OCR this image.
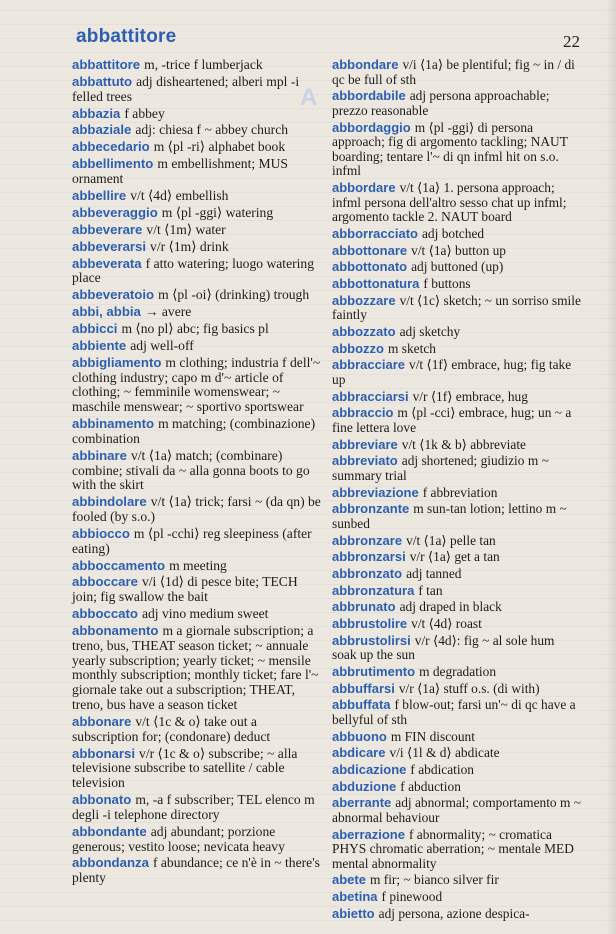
A
abbattitore	22
abbattitore m, -trice f lumberjack
abbattuto adj disheartened; alberi mpl -i felled trees
abbazia f abbey
abbaziale adj: chiesa f ~ abbey church
abbecedario m ⟨pl -ri⟩ alphabet book
abbellimento m embellishment; MUS ornament
abbellire v/t ⟨4d⟩ embellish
abbeveraggio m ⟨pl -ggi⟩ watering
abbeverare v/t ⟨1m⟩ water
abbeverarsi v/r ⟨1m⟩ drink
abbeverata f atto watering; luogo watering place
abbeveratoio m ⟨pl -oi⟩ (drinking) trough
abbi, abbia → avere
abbicci m ⟨no pl⟩ abc; fig basics pl
abbiente adj well-off
abbigliamento m clothing; industria f dell'~ clothing industry; capo m d'~ article of clothing; ~ femminile womenswear; ~ maschile menswear; ~ sportivo sportswear
abbinamento m matching; (combinazione) combination
abbinare v/t ⟨1a⟩ match; (combinare) combine; stivali da ~ alla gonna boots to go with the skirt
abbindolare v/t ⟨1a⟩ trick; farsi ~ (da qn) be fooled (by s.o.)
abbiocco m ⟨pl -cchi⟩ reg sleepiness (after eating)
abboccamento m meeting
abboccare v/i ⟨1d⟩ di pesce bite; TECH join; fig swallow the bait
abboccato adj vino medium sweet
abbonamento m a giornale subscription; a treno, bus, THEAT season ticket; ~ annuale yearly subscription; yearly ticket; ~ mensile monthly subscription; monthly ticket; fare l'~ giornale take out a subscription; THEAT, treno, bus have a season ticket
abbonare v/t ⟨1c & o⟩ take out a subscription for; (condonare) deduct
abbonarsi v/r ⟨1c & o⟩ subscribe; ~ alla televisione subscribe to satellite / cable television
abbonato m, -a f subscriber; TEL elenco m degli -i telephone directory
abbondante adj abundant; porzione generous; vestito loose; nevicata heavy
abbondanza f abundance; ce n'è in ~ there's plenty
abbondare v/i ⟨1a⟩ be plentiful; fig ~ in / di qc be full of sth
abbordabile adj persona approachable; prezzo reasonable
abbordaggio m ⟨pl -ggi⟩ di persona approach; fig di argomento tackling; NAUT boarding; tentare l'~ di qn infml hit on s.o. infml
abbordare v/t ⟨1a⟩ 1. persona approach; infml persona dell'altro sesso chat up infml; argomento tackle 2. NAUT board
abborracciato adj botched
abbottonare v/t ⟨1a⟩ button up
abbottonato adj buttoned (up)
abbottonatura f buttons
abbozzare v/t ⟨1c⟩ sketch; ~ un sorriso smile faintly
abbozzato adj sketchy
abbozzo m sketch
abbracciare v/t ⟨1f⟩ embrace, hug; fig take up
abbracciarsi v/r ⟨1f⟩ embrace, hug
abbraccio m ⟨pl -cci⟩ embrace, hug; un ~ a fine lettera love
abbreviare v/t ⟨1k & b⟩ abbreviate
abbreviato adj shortened; giudizio m ~ summary trial
abbreviazione f abbreviation
abbronzante m sun-tan lotion; lettino m ~ sunbed
abbronzare v/t ⟨1a⟩ pelle tan
abbronzarsi v/r ⟨1a⟩ get a tan
abbronzato adj tanned
abbronzatura f tan
abbrunato adj draped in black
abbrustolire v/t ⟨4d⟩ roast
abbrustolirsi v/r ⟨4d⟩: fig ~ al sole hum soak up the sun
abbrutimento m degradation
abbuffarsi v/r ⟨1a⟩ stuff o.s. (di with)
abbuffata f blow-out; farsi un'~ di qc have a bellyful of sth
abbuono m FIN discount
abdicare v/i ⟨1l & d⟩ abdicate
abdicazione f abdication
abduzione f abduction
aberrante adj abnormal; comportamento m ~ abnormal behaviour
aberrazione f abnormality; ~ cromatica PHYS chromatic aberration; ~ mentale MED mental abnormality
abete m fir; ~ bianco silver fir
abetina f pinewood
abietto adj persona, azione despica-
